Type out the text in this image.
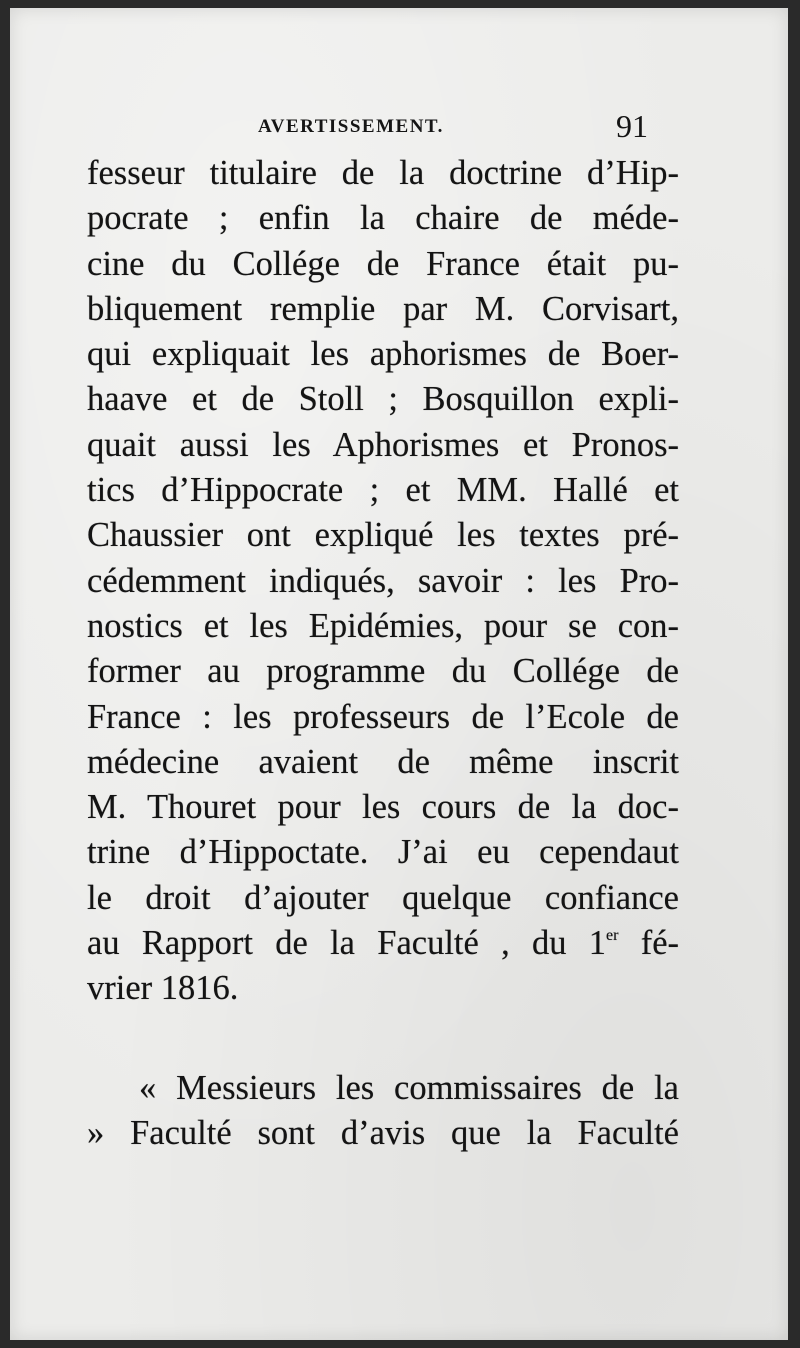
AVERTISSEMENT.	91
fesseur titulaire de la doctrine d’Hip-
pocrate ; enfin la chaire de méde-
cine du Collége de France était pu-
bliquement remplie par M. Corvisart,
qui expliquait les aphorismes de Boer-
haave et de Stoll ; Bosquillon expli-
quait aussi les Aphorismes et Pronos-
tics d’Hippocrate ; et MM. Hallé et
Chaussier ont expliqué les textes pré-
cédemment indiqués, savoir : les Pro-
nostics et les Epidémies, pour se con-
former au programme du Collége de
France : les professeurs de l’Ecole de
médecine avaient de même inscrit
M. Thouret pour les cours de la doc-
trine d’Hippoctate. J’ai eu cependaut
le droit d’ajouter quelque confiance
au Rapport de la Faculté , du 1er fé-
vrier 1816.
« Messieurs les commissaires de la
» Faculté sont d’avis que la Faculté
